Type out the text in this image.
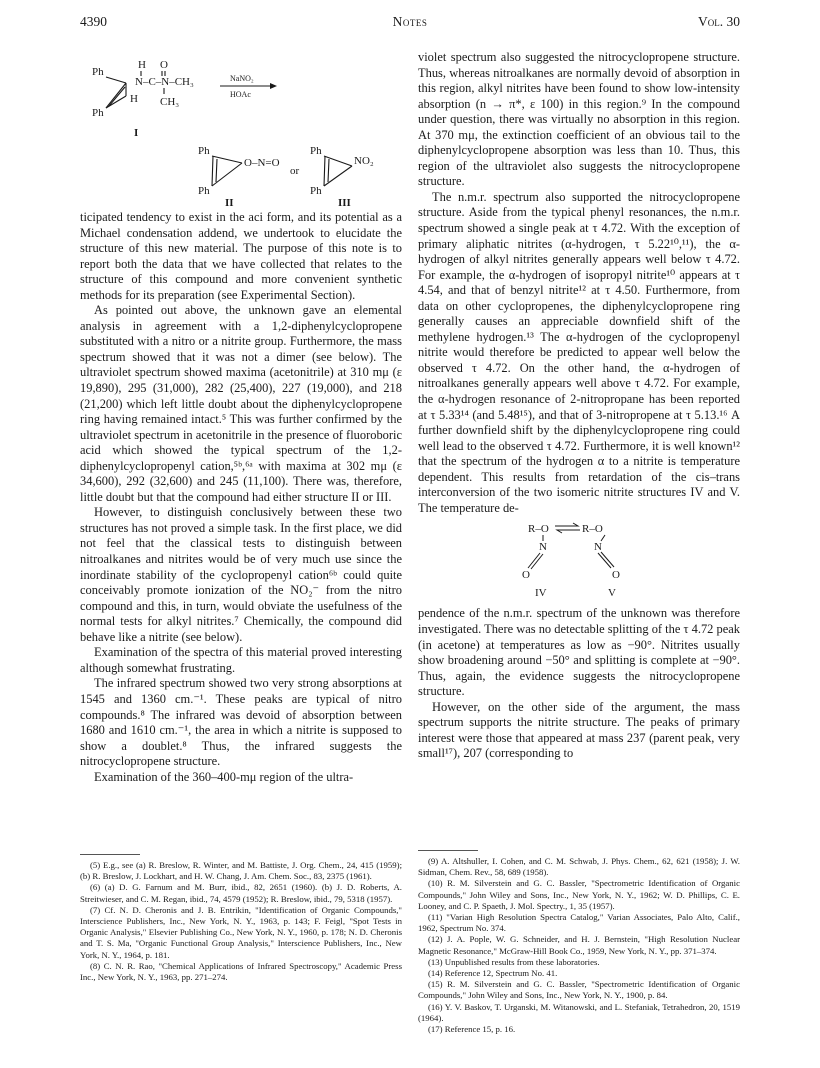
4390	Notes	Vol. 30
Ph
Ph
H O
N–C–N–CH₃
H CH₃
I
NaNO₂
HOAc
Ph
Ph
O–N=O
II
or
Ph
Ph
NO₂
III

ticipated tendency to exist in the aci form, and its potential as a Michael condensation addend, we undertook to elucidate the structure of this new material. The purpose of this note is to report both the data that we have collected that relates to the structure of this compound and more convenient synthetic methods for its preparation (see Experimental Section).

As pointed out above, the unknown gave an elemental analysis in agreement with a 1,2-diphenylcyclopropene substituted with a nitro or a nitrite group. Furthermore, the mass spectrum showed that it was not a dimer (see below). The ultraviolet spectrum showed maxima (acetonitrile) at 310 mμ (ε 19,890), 295 (31,000), 282 (25,400), 227 (19,000), and 218 (21,200) which left little doubt about the diphenylcyclopropene ring having remained intact.⁵ This was further confirmed by the ultraviolet spectrum in acetonitrile in the presence of fluoroboric acid which showed the typical spectrum of the 1,2-diphenylcyclopropenyl cation,⁵ᵇ,⁶ᵃ with maxima at 302 mμ (ε 34,600), 292 (32,600) and 245 (11,100). There was, therefore, little doubt but that the compound had either structure II or III.

However, to distinguish conclusively between these two structures has not proved a simple task. In the first place, we did not feel that the classical tests to distinguish between nitroalkanes and nitrites would be of very much use since the inordinate stability of the cyclopropenyl cation⁶ᵇ could quite conceivably promote ionization of the NO₂⁻ from the nitro compound and this, in turn, would obviate the usefulness of the normal tests for alkyl nitrites.⁷ Chemically, the compound did behave like a nitrite (see below).

Examination of the spectra of this material proved interesting although somewhat frustrating.

The infrared spectrum showed two very strong absorptions at 1545 and 1360 cm.⁻¹. These peaks are typical of nitro compounds.⁸ The infrared was devoid of absorption between 1680 and 1610 cm.⁻¹, the area in which a nitrite is supposed to show a doublet.⁸ Thus, the infrared suggests the nitrocyclopropene structure.

Examination of the 360–400-mμ region of the ultra-

(5) E.g., see (a) R. Breslow, R. Winter, and M. Battiste, J. Org. Chem., 24, 415 (1959); (b) R. Breslow, J. Lockhart, and H. W. Chang, J. Am. Chem. Soc., 83, 2375 (1961).

(6) (a) D. G. Farnum and M. Burr, ibid., 82, 2651 (1960). (b) J. D. Roberts, A. Streitwieser, and C. M. Regan, ibid., 74, 4579 (1952); R. Breslow, ibid., 79, 5318 (1957).

(7) Cf. N. D. Cheronis and J. B. Entrikin, "Identification of Organic Compounds," Interscience Publishers, Inc., New York, N. Y., 1963, p. 143; F. Feigl, "Spot Tests in Organic Analysis," Elsevier Publishing Co., New York, N. Y., 1960, p. 178; N. D. Cheronis and T. S. Ma, "Organic Functional Group Analysis," Interscience Publishers, Inc., New York, N. Y., 1964, p. 181.

(8) C. N. R. Rao, "Chemical Applications of Infrared Spectroscopy," Academic Press Inc., New York, N. Y., 1963, pp. 271–274.

violet spectrum also suggested the nitrocyclopropene structure. Thus, whereas nitroalkanes are normally devoid of absorption in this region, alkyl nitrites have been found to show low-intensity absorption (n → π*, ε 100) in this region.⁹ In the compound under question, there was virtually no absorption in this region. At 370 mμ, the extinction coefficient of an obvious tail to the diphenylcyclopropene absorption was less than 10. Thus, this region of the ultraviolet also suggests the nitrocyclopropene structure.

The n.m.r. spectrum also supported the nitrocyclopropene structure. Aside from the typical phenyl resonances, the n.m.r. spectrum showed a single peak at τ 4.72. With the exception of primary aliphatic nitrites (α-hydrogen, τ 5.22¹⁰,¹¹), the α-hydrogen of alkyl nitrites generally appears well below τ 4.72. For example, the α-hydrogen of isopropyl nitrite¹⁰ appears at τ 4.54, and that of benzyl nitrite¹² at τ 4.50. Furthermore, from data on other cyclopropenes, the diphenylcyclopropene ring generally causes an appreciable downfield shift of the methylene hydrogen.¹³ The α-hydrogen of the cyclopropenyl nitrite would therefore be predicted to appear well below the observed τ 4.72. On the other hand, the α-hydrogen of nitroalkanes generally appears well above τ 4.72. For example, the α-hydrogen resonance of 2-nitropropane has been reported at τ 5.33¹⁴ (and 5.48¹⁵), and that of 3-nitropropene at τ 5.13.¹⁶ A further downfield shift by the diphenylcyclopropene ring could well lead to the observed τ 4.72. Furthermore, it is well known¹² that the spectrum of the hydrogen α to a nitrite is temperature dependent. This results from retardation of the cis–trans interconversion of the two isomeric nitrite structures IV and V. The temperature de-

R–O	R–O
N	N
O	O
IV	V

pendence of the n.m.r. spectrum of the unknown was therefore investigated. There was no detectable splitting of the τ 4.72 peak (in acetone) at temperatures as low as −90°. Nitrites usually show broadening around −50° and splitting is complete at −90°. Thus, again, the evidence suggests the nitrocyclopropene structure.

However, on the other side of the argument, the mass spectrum supports the nitrite structure. The peaks of primary interest were those that appeared at mass 237 (parent peak, very small¹⁷), 207 (corresponding to

(9) A. Altshuller, I. Cohen, and C. M. Schwab, J. Phys. Chem., 62, 621 (1958); J. W. Sidman, Chem. Rev., 58, 689 (1958).

(10) R. M. Silverstein and G. C. Bassler, "Spectrometric Identification of Organic Compounds," John Wiley and Sons, Inc., New York, N. Y., 1962; W. D. Phillips, C. E. Looney, and C. P. Spaeth, J. Mol. Spectry., 1, 35 (1957).

(11) "Varian High Resolution Spectra Catalog," Varian Associates, Palo Alto, Calif., 1962, Spectrum No. 374.

(12) J. A. Pople, W. G. Schneider, and H. J. Bernstein, "High Resolution Nuclear Magnetic Resonance," McGraw-Hill Book Co., 1959, New York, N. Y., pp. 371–374.

(13) Unpublished results from these laboratories.

(14) Reference 12, Spectrum No. 41.

(15) R. M. Silverstein and G. C. Bassler, "Spectrometric Identification of Organic Compounds," John Wiley and Sons, Inc., New York, N. Y., 1900, p. 84.

(16) Y. V. Baskov, T. Urganski, M. Witanowski, and L. Stefaniak, Tetrahedron, 20, 1519 (1964).

(17) Reference 15, p. 16.
